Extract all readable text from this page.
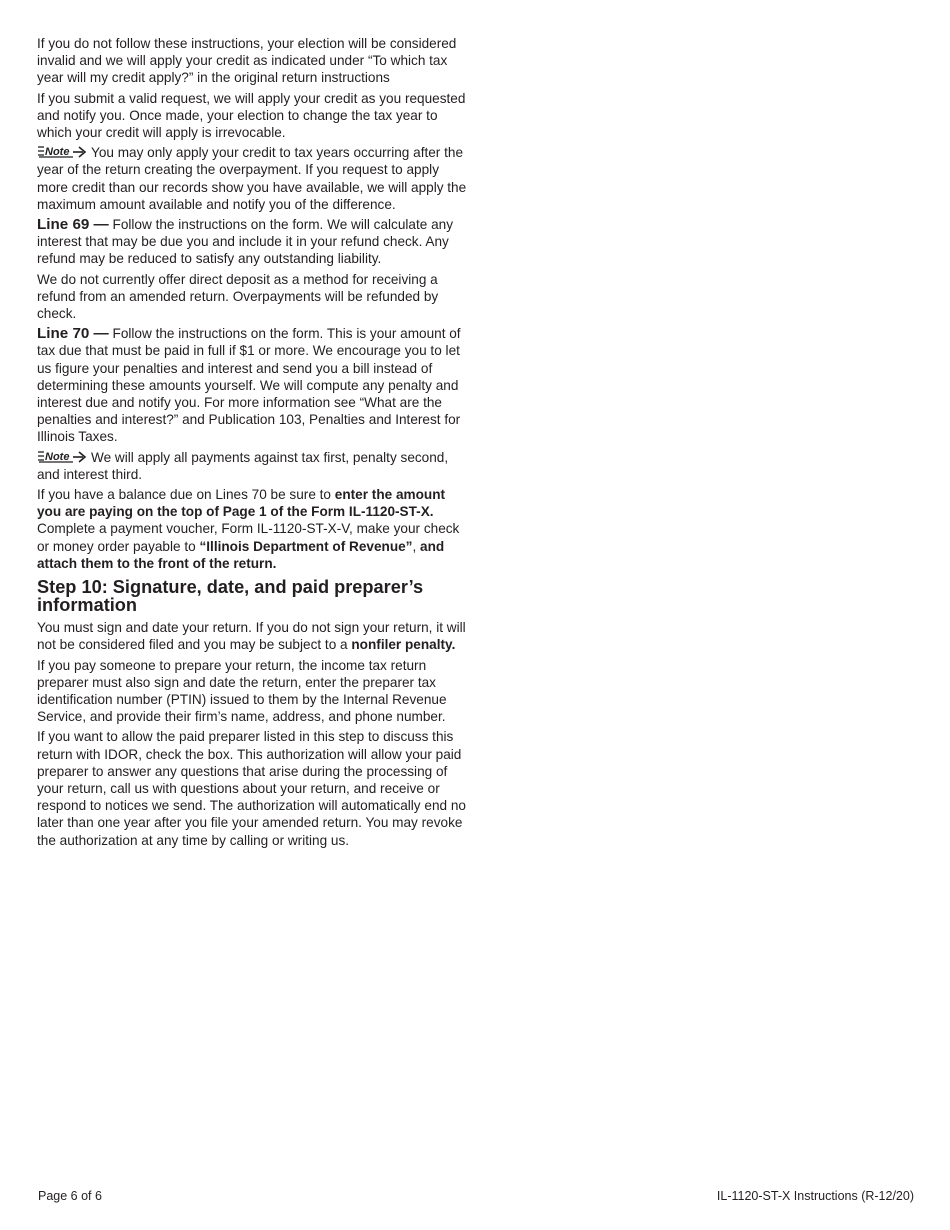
If you do not follow these instructions, your election will be considered invalid and we will apply your credit as indicated under “To which tax year will my credit apply?” in the original return instructions

If you submit a valid request, we will apply your credit as you requested and notify you. Once made, your election to change the tax year to which your credit will apply is irrevocable.

Note You may only apply your credit to tax years occurring after the year of the return creating the overpayment. If you request to apply more credit than our records show you have available, we will apply the maximum amount available and notify you of the difference.

Line 69 — Follow the instructions on the form. We will calculate any interest that may be due you and include it in your refund check. Any refund may be reduced to satisfy any outstanding liability.

We do not currently offer direct deposit as a method for receiving a refund from an amended return. Overpayments will be refunded by check.

Line 70 — Follow the instructions on the form. This is your amount of tax due that must be paid in full if $1 or more. We encourage you to let us figure your penalties and interest and send you a bill instead of determining these amounts yourself. We will compute any penalty and interest due and notify you. For more information see “What are the penalties and interest?” and Publication 103, Penalties and Interest for Illinois Taxes.

Note We will apply all payments against tax first, penalty second, and interest third.

If you have a balance due on Lines 70 be sure to enter the amount you are paying on the top of Page 1 of the Form IL-1120-ST-X. Complete a payment voucher, Form IL-1120-ST-X-V, make your check or money order payable to “Illinois Department of Revenue”, and attach them to the front of the return.

Step 10: Signature, date, and paid preparer’s information

You must sign and date your return. If you do not sign your return, it will not be considered filed and you may be subject to a nonfiler penalty.

If you pay someone to prepare your return, the income tax return preparer must also sign and date the return, enter the preparer tax identification number (PTIN) issued to them by the Internal Revenue Service, and provide their firm’s name, address, and phone number.

If you want to allow the paid preparer listed in this step to discuss this return with IDOR, check the box. This authorization will allow your paid preparer to answer any questions that arise during the processing of your return, call us with questions about your return, and receive or respond to notices we send. The authorization will automatically end no later than one year after you file your amended return. You may revoke the authorization at any time by calling or writing us.

Page 6 of 6	IL-1120-ST-X Instructions (R-12/20)
